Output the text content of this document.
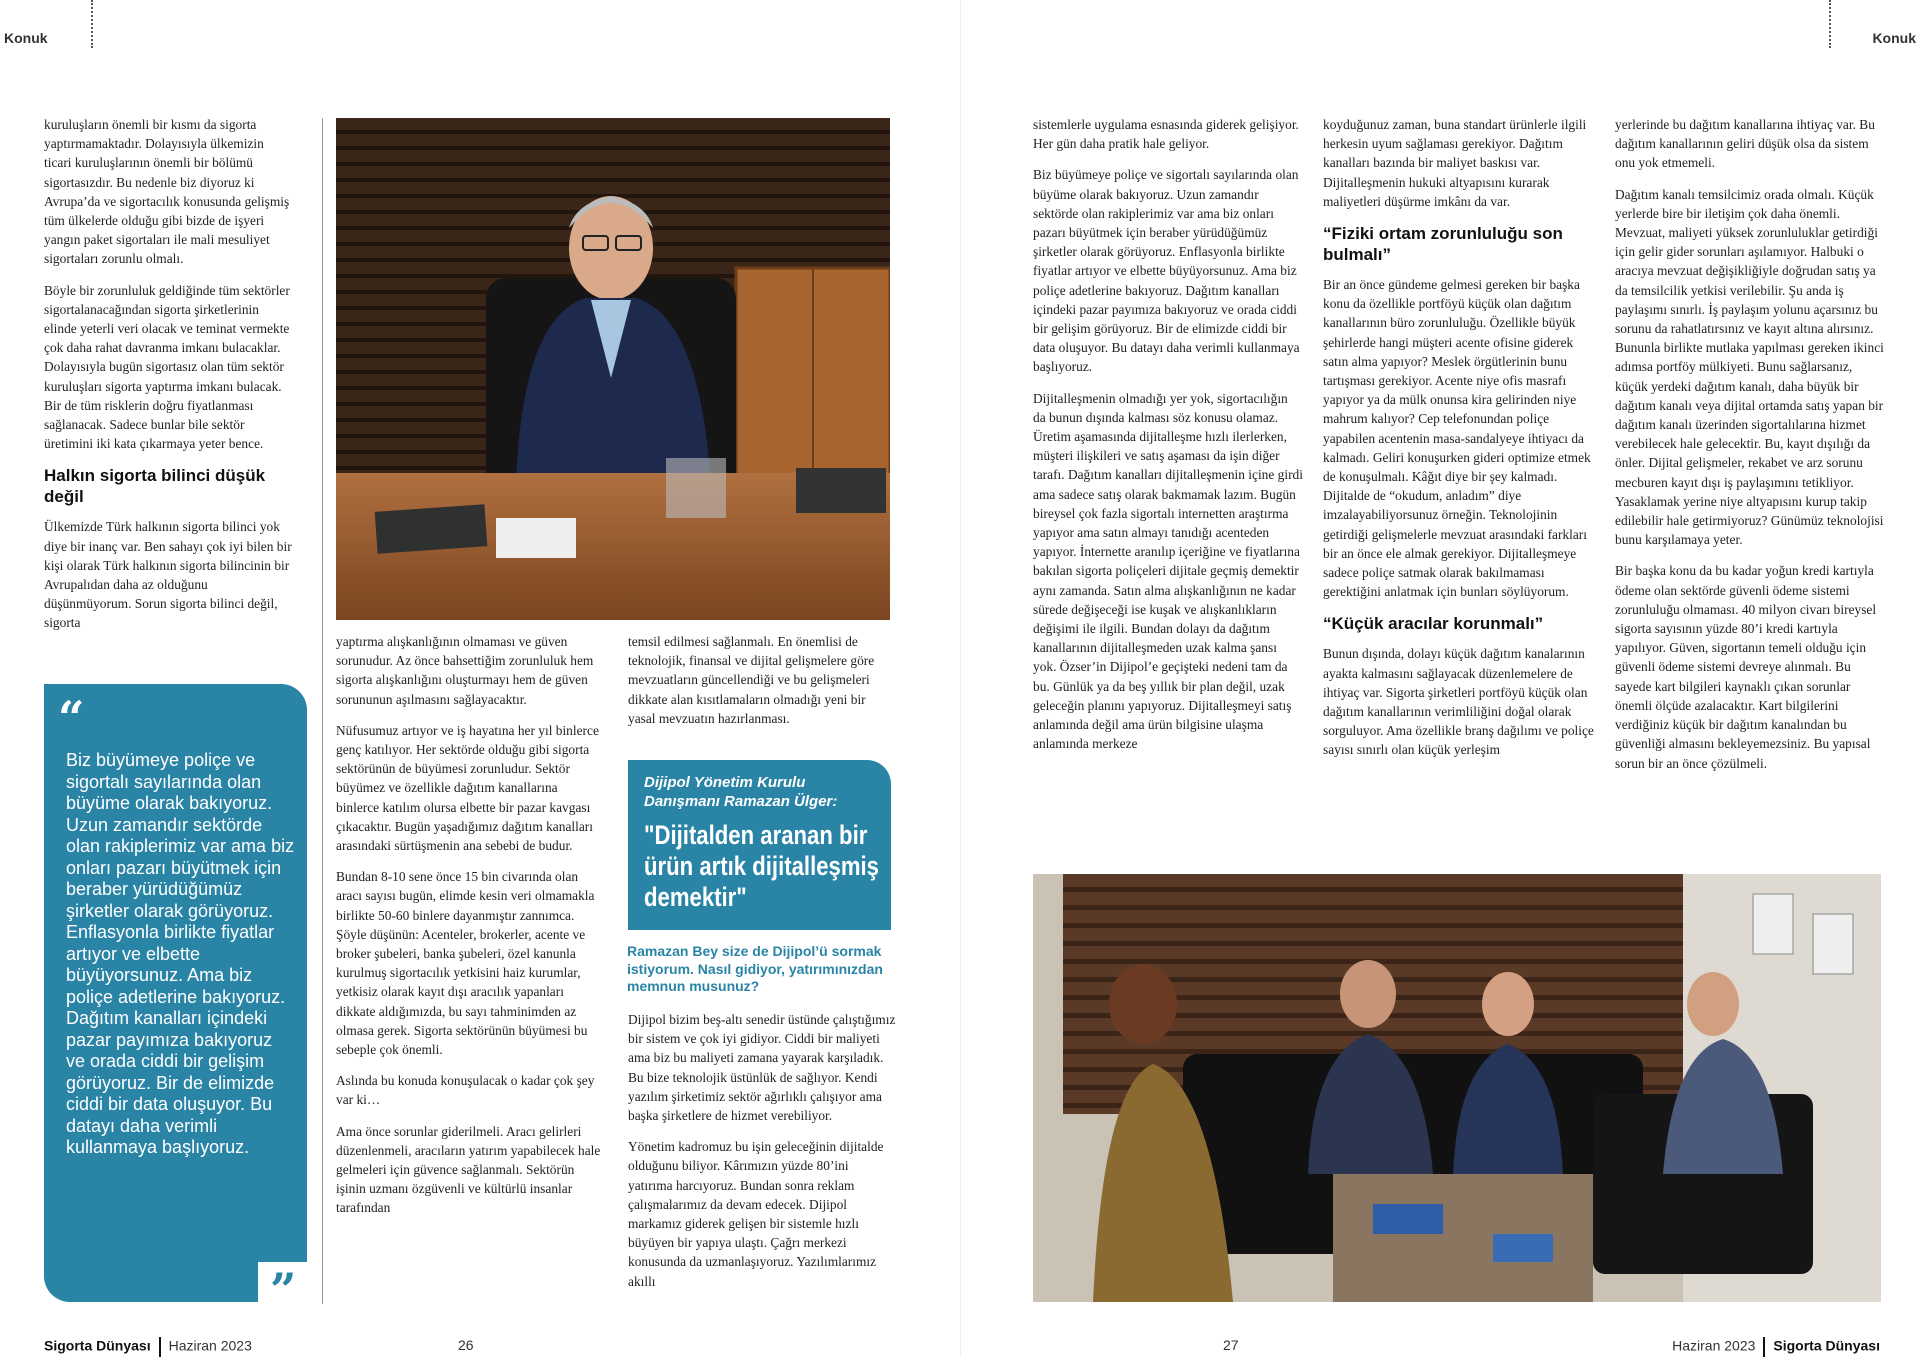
Konuk

kuruluşların önemli bir kısmı da sigorta yaptırmamaktadır. Dolayısıyla ülkemizin ticari kuruluşlarının önemli bir bölümü sigortasızdır. Bu nedenle biz diyoruz ki Avrupa’da ve sigortacılık konusunda gelişmiş tüm ülkelerde olduğu gibi bizde de işyeri yangın paket sigortaları ile mali mesuliyet sigortaları zorunlu olmalı.

Böyle bir zorunluluk geldiğinde tüm sektörler sigortalanacağından sigorta şirketlerinin elinde yeterli veri olacak ve teminat vermekte çok daha rahat davranma imkanı bulacaklar. Dolayısıyla bugün sigortasız olan tüm sektör kuruluşları sigorta yaptırma imkanı bulacak. Bir de tüm risklerin doğru fiyatlanması sağlanacak. Sadece bunlar bile sektör üretimini iki kata çıkarmaya yeter bence.

Halkın sigorta bilinci düşük değil

Ülkemizde Türk halkının sigorta bilinci yok diye bir inanç var. Ben sahayı çok iyi bilen bir kişi olarak Türk halkının sigorta bilincinin bir Avrupalıdan daha az olduğunu düşünmüyorum. Sorun sigorta bilinci değil, sigorta

yaptırma alışkanlığının olmaması ve güven sorunudur. Az önce bahsettiğim zorunluluk hem sigorta alışkanlığını oluşturmayı hem de güven sorununun aşılmasını sağlayacaktır.

Nüfusumuz artıyor ve iş hayatına her yıl binlerce genç katılıyor. Her sektörde olduğu gibi sigorta sektörünün de büyümesi zorunludur. Sektör büyümez ve özellikle dağıtım kanallarına binlerce katılım olursa elbette bir pazar kavgası çıkacaktır. Bugün yaşadığımız dağıtım kanalları arasındaki sürtüşmenin ana sebebi de budur.

Bundan 8-10 sene önce 15 bin civarında olan aracı sayısı bugün, elimde kesin veri olmamakla birlikte 50-60 binlere dayanmıştır zannımca. Şöyle düşünün: Acenteler, brokerler, acente ve broker şubeleri, banka şubeleri, özel kanunla kurulmuş sigortacılık yetkisini haiz kurumlar, yetkisiz olarak kayıt dışı aracılık yapanları dikkate aldığımızda, bu sayı tahminimden az olmasa gerek. Sigorta sektörünün büyümesi bu sebeple çok önemli.

Aslında bu konuda konuşulacak o kadar çok şey var ki…

Ama önce sorunlar giderilmeli. Aracı gelirleri düzenlenmeli, aracıların yatırım yapabilecek hale gelmeleri için güvence sağlanmalı. Sektörün işinin uzmanı özgüvenli ve kültürlü insanlar tarafından

temsil edilmesi sağlanmalı. En önemlisi de teknolojik, finansal ve dijital gelişmelere göre mevzuatların güncellendiği ve bu gelişmeleri dikkate alan kısıtlamaların olmadığı yeni bir yasal mevzuatın hazırlanması.

“
Biz büyümeye poliçe ve sigortalı sayılarında olan büyüme olarak bakıyoruz. Uzun zamandır sektörde olan rakiplerimiz var ama biz onları pazarı büyütmek için beraber yürüdüğümüz şirketler olarak görüyoruz. Enflasyonla birlikte fiyatlar artıyor ve elbette büyüyorsunuz. Ama biz poliçe adetlerine bakıyoruz. Dağıtım kanalları içindeki pazar payımıza bakıyoruz ve orada ciddi bir gelişim görüyoruz. Bir de elimizde ciddi bir data oluşuyor. Bu datayı daha verimli kullanmaya başlıyoruz.
”
Dijipol Yönetim Kurulu Danışmanı Ramazan Ülger:
"Dijitalden aranan bir ürün artık dijitalleşmiş demektir"
Ramazan Bey size de Dijipol’ü sormak istiyorum. Nasıl gidiyor, yatırımınızdan memnun musunuz?

Dijipol bizim beş-altı senedir üstünde çalıştığımız bir sistem ve çok iyi gidiyor. Ciddi bir maliyeti ama biz bu maliyeti zamana yayarak karşıladık. Bu bize teknolojik üstünlük de sağlıyor. Kendi yazılım şirketimiz sektör ağırlıklı çalışıyor ama başka şirketlere de hizmet verebiliyor.

Yönetim kadromuz bu işin geleceğinin dijitalde olduğunu biliyor. Kârımızın yüzde 80’ini yatırıma harcıyoruz. Bundan sonra reklam çalışmalarımız da devam edecek. Dijipol markamız giderek gelişen bir sistemle hızlı büyüyen bir yapıya ulaştı. Çağrı merkezi konusunda da uzmanlaşıyoruz. Yazılımlarımız akıllı

Sigorta Dünyası Haziran 2023	26
Konuk

sistemlerle uygulama esnasında giderek gelişiyor. Her gün daha pratik hale geliyor.

Biz büyümeye poliçe ve sigortalı sayılarında olan büyüme olarak bakıyoruz. Uzun zamandır sektörde olan rakiplerimiz var ama biz onları pazarı büyütmek için beraber yürüdüğümüz şirketler olarak görüyoruz. Enflasyonla birlikte fiyatlar artıyor ve elbette büyüyorsunuz. Ama biz poliçe adetlerine bakıyoruz. Dağıtım kanalları içindeki pazar payımıza bakıyoruz ve orada ciddi bir gelişim görüyoruz. Bir de elimizde ciddi bir data oluşuyor. Bu datayı daha verimli kullanmaya başlıyoruz.

Dijitalleşmenin olmadığı yer yok, sigortacılığın da bunun dışında kalması söz konusu olamaz. Üretim aşamasında dijitalleşme hızlı ilerlerken, müşteri ilişkileri ve satış aşaması da işin diğer tarafı. Dağıtım kanalları dijitalleşmenin içine girdi ama sadece satış olarak bakmamak lazım. Bugün bireysel çok fazla sigortalı internetten araştırma yapıyor ama satın almayı tanıdığı acenteden yapıyor. İnternette aranılıp içeriğine ve fiyatlarına bakılan sigorta poliçeleri dijitale geçmiş demektir aynı zamanda. Satın alma alışkanlığının ne kadar sürede değişeceği ise kuşak ve alışkanlıkların değişimi ile ilgili. Bundan dolayı da dağıtım kanallarının dijitalleşmeden uzak kalma şansı yok. Özser’in Dijipol’e geçişteki nedeni tam da bu. Günlük ya da beş yıllık bir plan değil, uzak geleceğin planını yapıyoruz. Dijitalleşmeyi satış anlamında değil ama ürün bilgisine ulaşma anlamında merkeze

koyduğunuz zaman, buna standart ürünlerle ilgili herkesin uyum sağlaması gerekiyor. Dağıtım kanalları bazında bir maliyet baskısı var. Dijitalleşmenin hukuki altyapısını kurarak maliyetleri düşürme imkânı da var.

“Fiziki ortam zorunluluğu son bulmalı”

Bir an önce gündeme gelmesi gereken bir başka konu da özellikle portföyü küçük olan dağıtım kanallarının büro zorunluluğu. Özellikle büyük şehirlerde hangi müşteri acente ofisine giderek satın alma yapıyor? Meslek örgütlerinin bunu tartışması gerekiyor. Acente niye ofis masrafı yapıyor ya da mülk onunsa kira gelirinden niye mahrum kalıyor? Cep telefonundan poliçe yapabilen acentenin masa-sandalyeye ihtiyacı da kalmadı. Geliri konuşurken gideri optimize etmek de konuşulmalı. Kâğıt diye bir şey kalmadı. Dijitalde de “okudum, anladım” diye imzalayabiliyorsunuz örneğin. Teknolojinin getirdiği gelişmelerle mevzuat arasındaki farkları bir an önce ele almak gerekiyor. Dijitalleşmeye sadece poliçe satmak olarak bakılmaması gerektiğini anlatmak için bunları söylüyorum.

“Küçük aracılar korunmalı”

Bunun dışında, dolayı küçük dağıtım kanalarının ayakta kalmasını sağlayacak düzenlemelere de ihtiyaç var. Sigorta şirketleri portföyü küçük olan dağıtım kanallarının verimliliğini doğal olarak sorguluyor. Ama özellikle branş dağılımı ve poliçe sayısı sınırlı olan küçük yerleşim

yerlerinde bu dağıtım kanallarına ihtiyaç var. Bu dağıtım kanallarının geliri düşük olsa da sistem onu yok etmemeli.

Dağıtım kanalı temsilcimiz orada olmalı. Küçük yerlerde bire bir iletişim çok daha önemli. Mevzuat, maliyeti yüksek zorunluluklar getirdiği için gelir gider sorunları aşılamıyor. Halbuki o aracıya mevzuat değişikliğiyle doğrudan satış ya da temsilcilik yetkisi verilebilir. Şu anda iş paylaşımı sınırlı. İş paylaşım yolunu açarsınız bu sorunu da rahatlatırsınız ve kayıt altına alırsınız. Bununla birlikte mutlaka yapılması gereken ikinci adımsa portföy mülkiyeti. Bunu sağlarsanız, küçük yerdeki dağıtım kanalı, daha büyük bir dağıtım kanalı veya dijital ortamda satış yapan bir dağıtım kanalı üzerinden sigortalılarına hizmet verebilecek hale gelecektir. Bu, kayıt dışılığı da önler. Dijital gelişmeler, rekabet ve arz sorunu mecburen kayıt dışı iş paylaşımını tetikliyor. Yasaklamak yerine niye altyapısını kurup takip edilebilir hale getirmiyoruz? Günümüz teknolojisi bunu karşılamaya yeter.

Bir başka konu da bu kadar yoğun kredi kartıyla ödeme olan sektörde güvenli ödeme sistemi zorunluluğu olmaması. 40 milyon civarı bireysel sigorta sayısının yüzde 80’i kredi kartıyla yapılıyor. Güven, sigortanın temeli olduğu için güvenli ödeme sistemi devreye alınmalı. Bu sayede kart bilgileri kaynaklı çıkan sorunlar önemli ölçüde azalacaktır. Kart bilgilerini verdiğiniz küçük bir dağıtım kanalından bu güvenliği almasını bekleyemezsiniz. Bu yapısal sorun bir an önce çözülmeli.

27	Haziran 2023 Sigorta Dünyası
